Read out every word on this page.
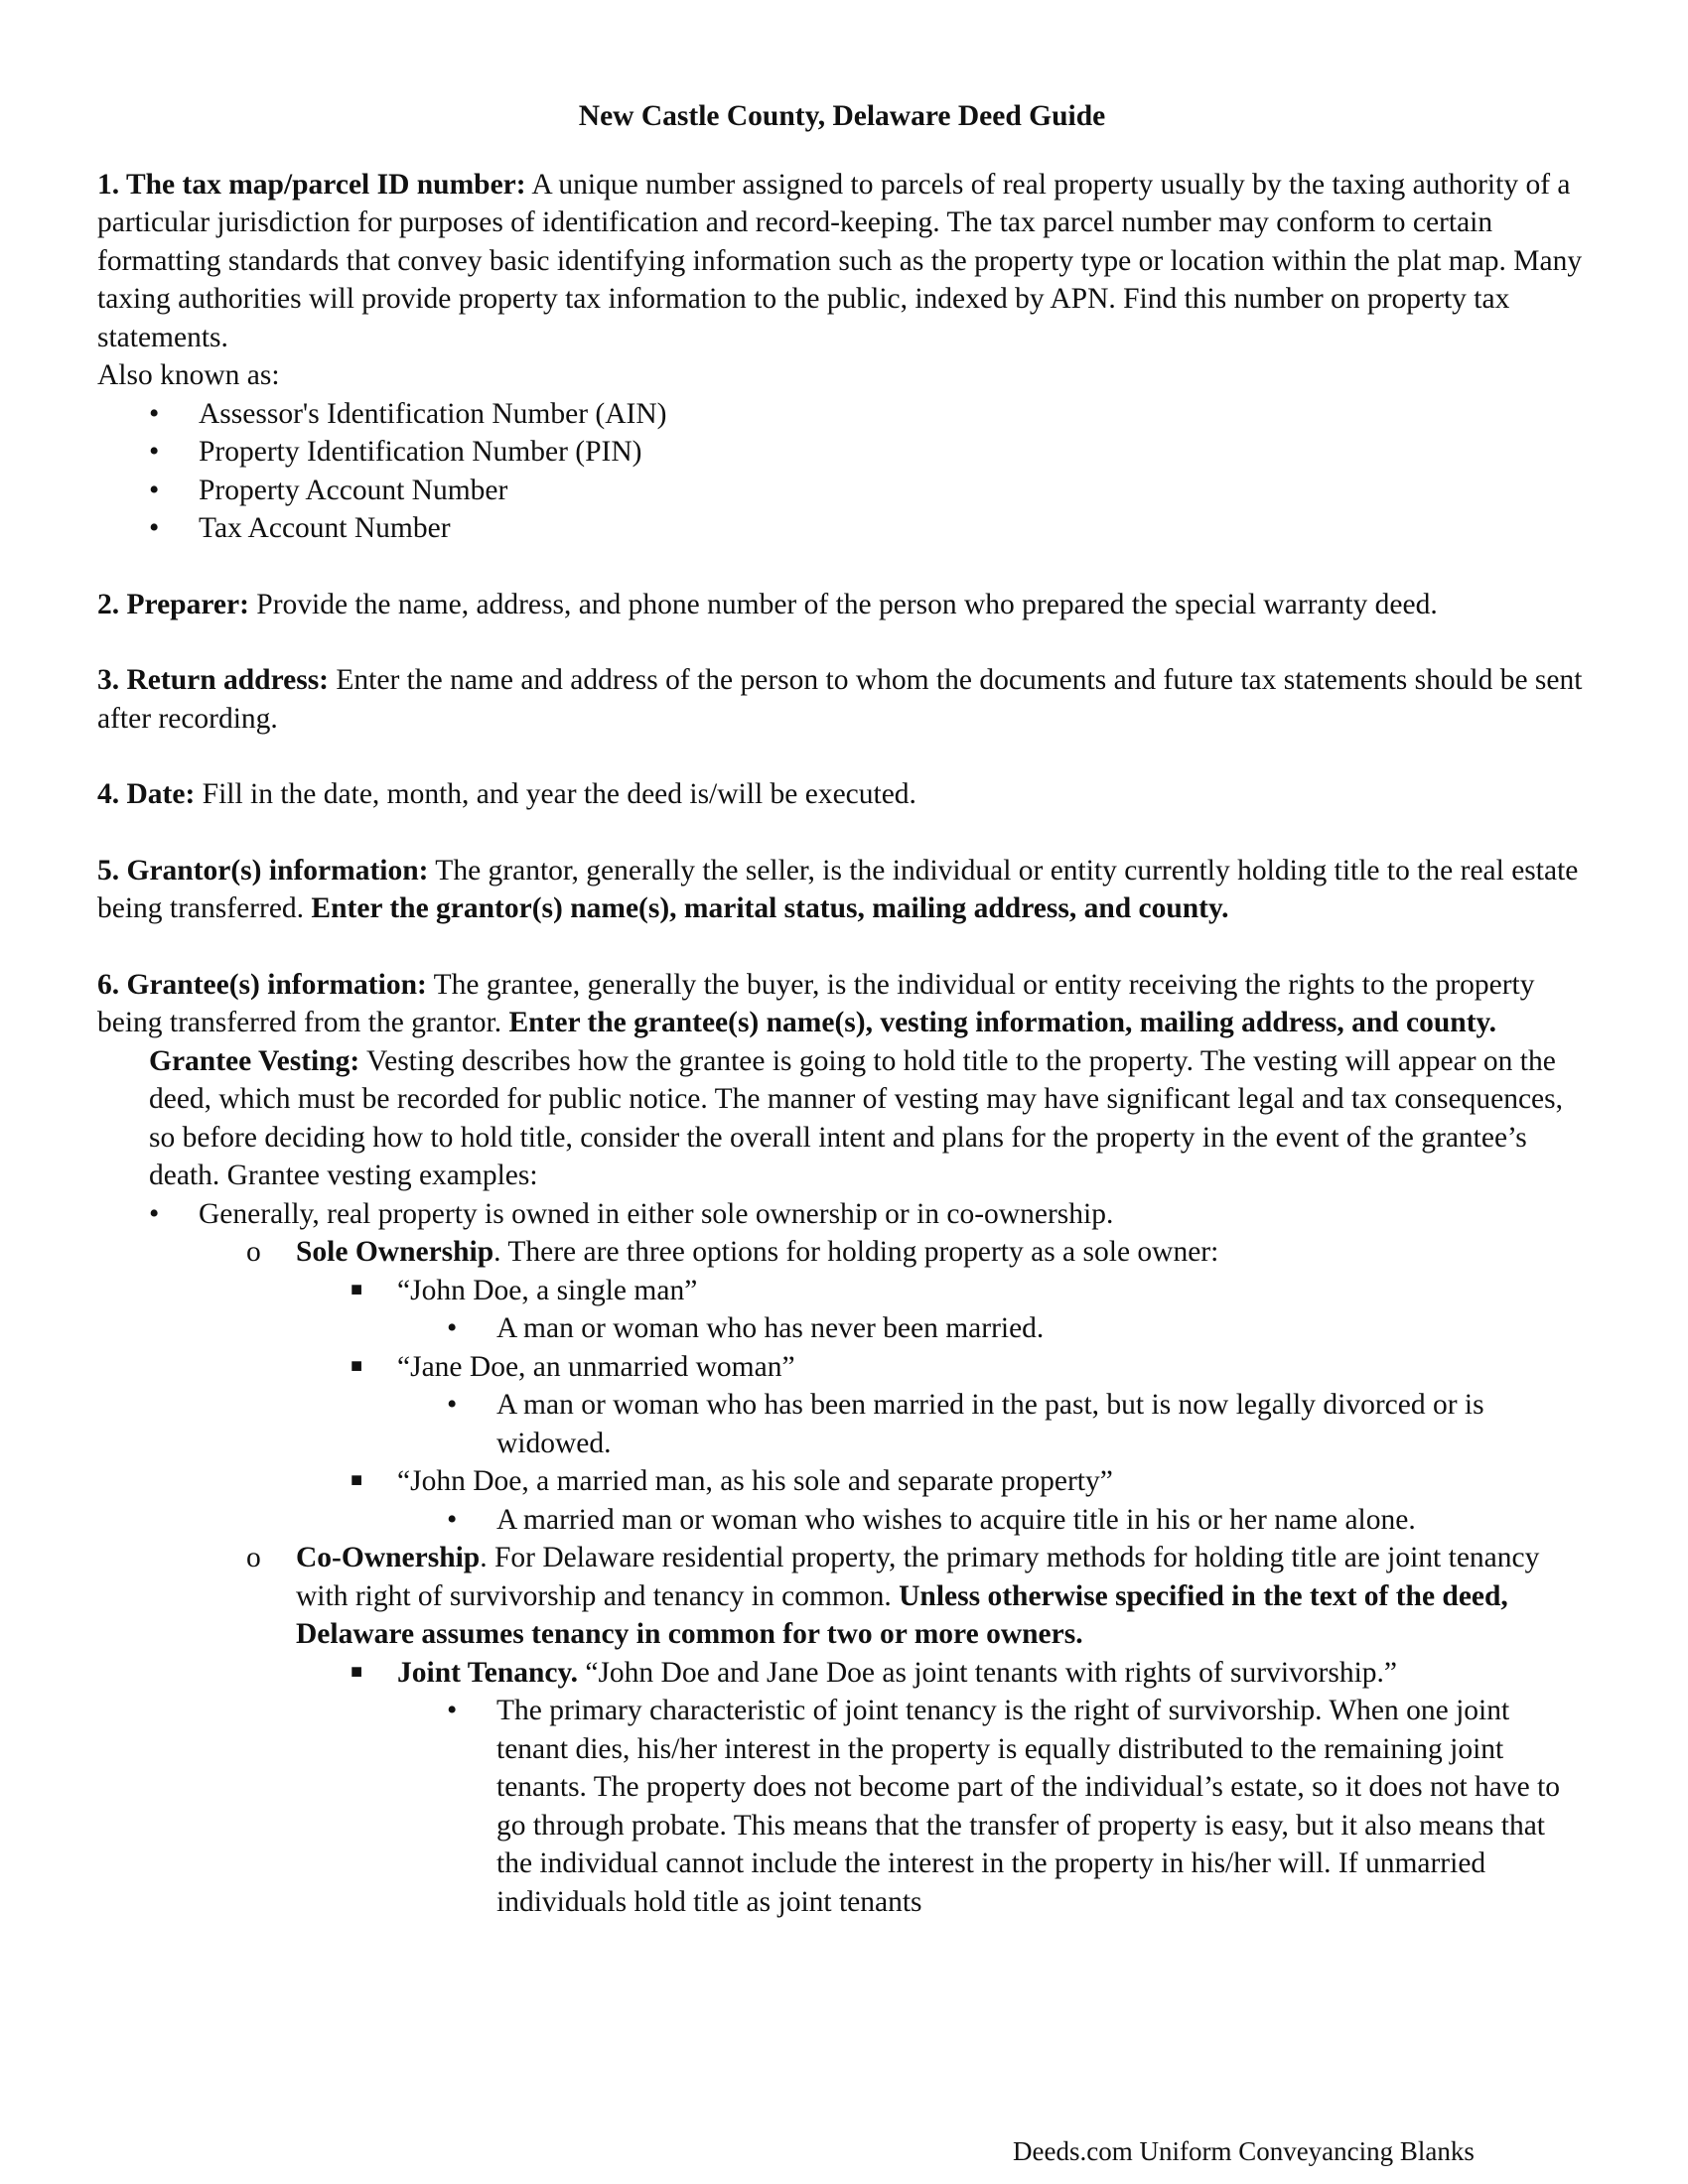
New Castle County, Delaware Deed Guide

1. The tax map/parcel ID number: A unique number assigned to parcels of real property usually by the taxing authority of a particular jurisdiction for purposes of identification and record-keeping. The tax parcel number may conform to certain formatting standards that convey basic identifying information such as the property type or location within the plat map. Many taxing authorities will provide property tax information to the public, indexed by APN. Find this number on property tax statements.

Also known as:

• Assessor's Identification Number (AIN)
• Property Identification Number (PIN)
• Property Account Number
• Tax Account Number

2. Preparer: Provide the name, address, and phone number of the person who prepared the special warranty deed.

3. Return address: Enter the name and address of the person to whom the documents and future tax statements should be sent after recording.

4. Date: Fill in the date, month, and year the deed is/will be executed.

5. Grantor(s) information: The grantor, generally the seller, is the individual or entity currently holding title to the real estate being transferred. Enter the grantor(s) name(s), marital status, mailing address, and county.

6. Grantee(s) information: The grantee, generally the buyer, is the individual or entity receiving the rights to the property being transferred from the grantor. Enter the grantee(s) name(s), vesting information, mailing address, and county.

Grantee Vesting: Vesting describes how the grantee is going to hold title to the property. The vesting will appear on the deed, which must be recorded for public notice. The manner of vesting may have significant legal and tax consequences, so before deciding how to hold title, consider the overall intent and plans for the property in the event of the grantee’s death. Grantee vesting examples:

• Generally, real property is owned in either sole ownership or in co-ownership.
o Sole Ownership. There are three options for holding property as a sole owner:
■ “John Doe, a single man”
• A man or woman who has never been married.
■ “Jane Doe, an unmarried woman”
• A man or woman who has been married in the past, but is now legally divorced or is widowed.
■ “John Doe, a married man, as his sole and separate property”
• A married man or woman who wishes to acquire title in his or her name alone.
o Co-Ownership. For Delaware residential property, the primary methods for holding title are joint tenancy with right of survivorship and tenancy in common. Unless otherwise specified in the text of the deed, Delaware assumes tenancy in common for two or more owners.
■ Joint Tenancy. “John Doe and Jane Doe as joint tenants with rights of survivorship.”
• The primary characteristic of joint tenancy is the right of survivorship. When one joint tenant dies, his/her interest in the property is equally distributed to the remaining joint tenants. The property does not become part of the individual’s estate, so it does not have to go through probate. This means that the transfer of property is easy, but it also means that the individual cannot include the interest in the property in his/her will. If unmarried individuals hold title as joint tenants
Deeds.com Uniform Conveyancing Blanks
